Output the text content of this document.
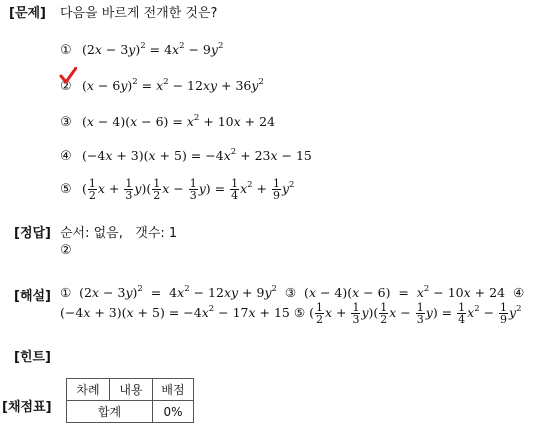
[문제]
[정답]
[해설]
[힌트]
[채점표]
다음을 바르게 전개한 것은?
① $(2x - 3y)^2 = 4x^2 - 9y^2$
② $(x - 6y)^2 = x^2 - 12xy + 36y^2$
③ $(x - 4)(x - 6) = x^2 + 10x + 24$
④ $(-4x + 3)(x + 5) = -4x^2 + 23x - 15$
⑤ ( $\frac{1}{2}$ $x + \frac{1}{3} y)( \frac{1}{2}$ $x - \frac{1}{3} y) = \frac{1}{4} x^2 + \frac{1}{9} y^2$
순서: 없음, 갯수: 1
②
①  $(2x - 3y)^2 = 4x^2 - 12xy + 9y^2$ ③  $(x - 4)(x - 6) = x^2 - 10x + 24$  ④
$(-4x + 3)(x + 5) = -4x^2 - 17x + 15$ ⑤ ( $\frac{1}{2}$ $x + \frac{1}{3} y)( \frac{1}{2}$ $x - \frac{1}{3} y) = \frac{1}{4} x^2 - \frac{1}{9} y^2$
차례	내용	배점
합계		0%
